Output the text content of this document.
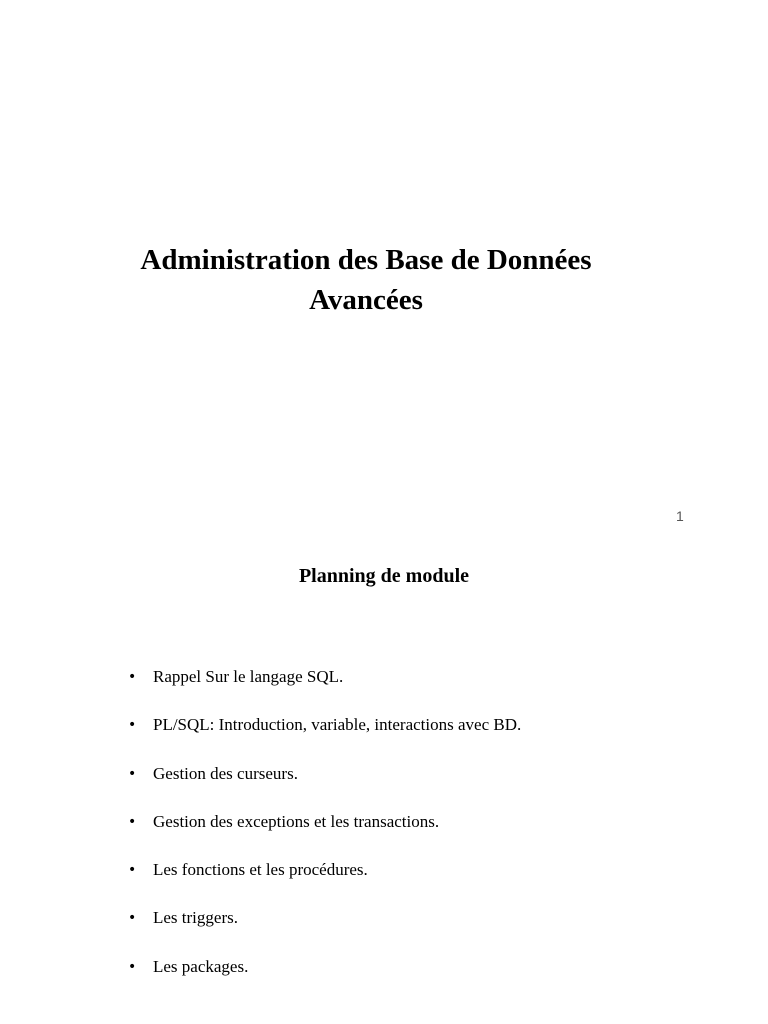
Administration des Base de Données
Avancées
1
Planning de module
• Rappel Sur le langage SQL.
• PL/SQL: Introduction, variable, interactions avec BD.
• Gestion des curseurs.
• Gestion des exceptions et les transactions.
• Les fonctions et les procédures.
• Les triggers.
• Les packages.
